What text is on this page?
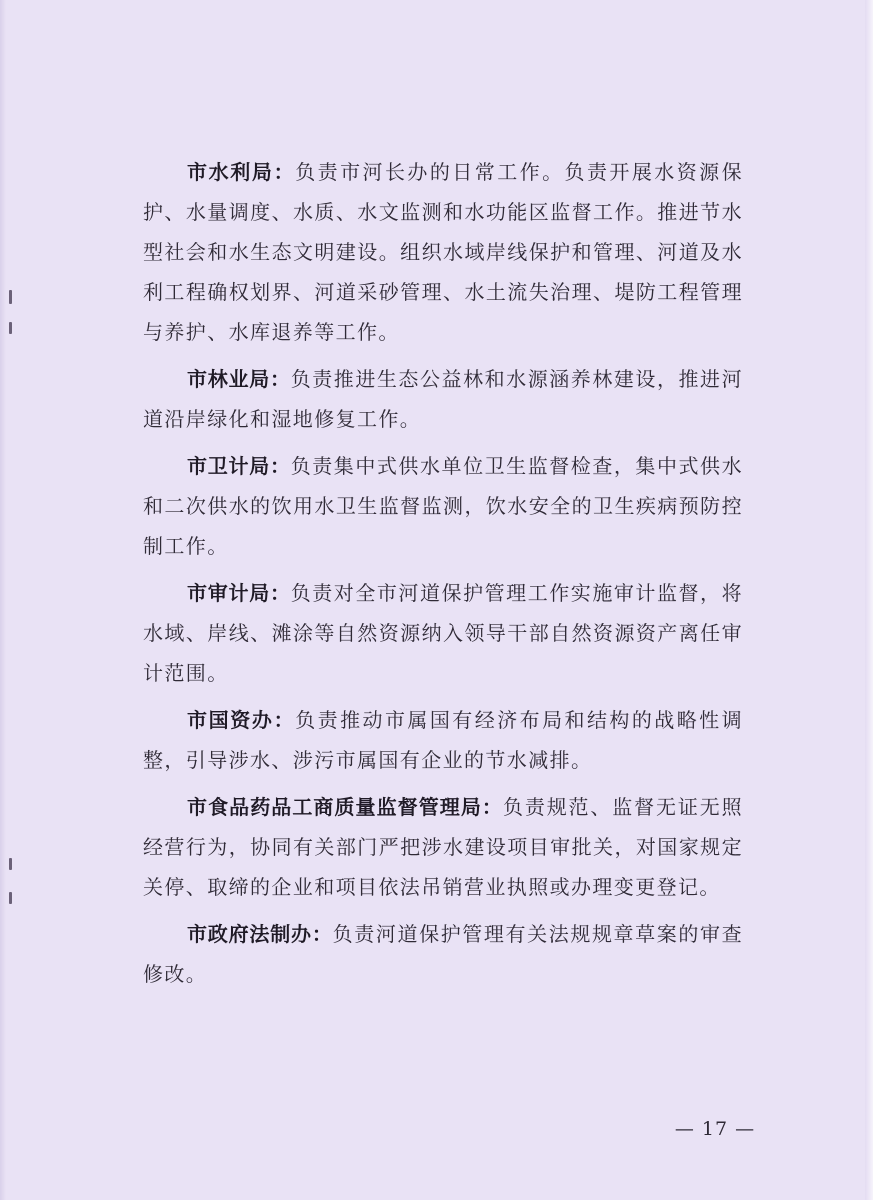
市水利局：负责市河长办的日常工作。负责开展水资源保护、水量调度、水质、水文监测和水功能区监督工作。推进节水型社会和水生态文明建设。组织水域岸线保护和管理、河道及水利工程确权划界、河道采砂管理、水土流失治理、堤防工程管理与养护、水库退养等工作。

市林业局：负责推进生态公益林和水源涵养林建设，推进河道沿岸绿化和湿地修复工作。

市卫计局：负责集中式供水单位卫生监督检查，集中式供水和二次供水的饮用水卫生监督监测，饮水安全的卫生疾病预防控制工作。

市审计局：负责对全市河道保护管理工作实施审计监督，将水域、岸线、滩涂等自然资源纳入领导干部自然资源资产离任审计范围。

市国资办：负责推动市属国有经济布局和结构的战略性调整，引导涉水、涉污市属国有企业的节水减排。

市食品药品工商质量监督管理局：负责规范、监督无证无照经营行为，协同有关部门严把涉水建设项目审批关，对国家规定关停、取缔的企业和项目依法吊销营业执照或办理变更登记。

市政府法制办：负责河道保护管理有关法规规章草案的审查修改。

— 17 —
